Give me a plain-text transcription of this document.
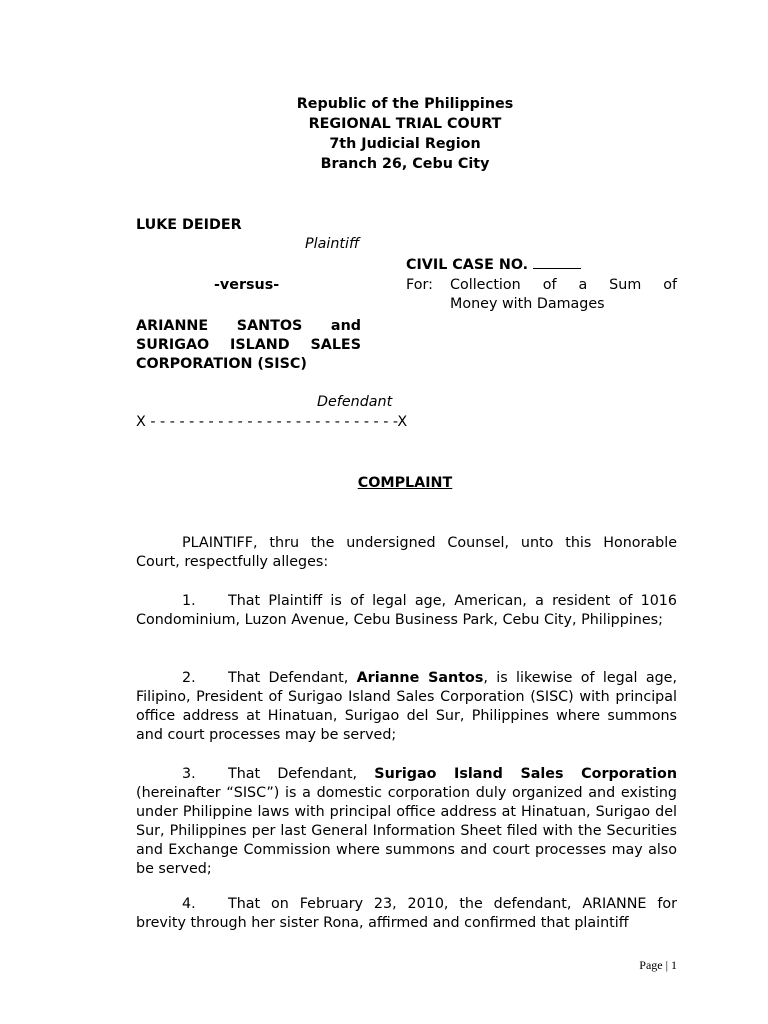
Republic of the Philippines
REGIONAL TRIAL COURT
7th Judicial Region
Branch 26, Cebu City
LUKE DEIDER
Plaintiff
-versus-
ARIANNE SANTOS and
SURIGAO ISLAND SALES
CORPORATION (SISC)
Defendant
X - - - - - - - - - - - - - - - - - - - - - - - - - -X
CIVIL CASE NO.
For: Collection of a Sum of
Money with Damages
COMPLAINT
PLAINTIFF, thru the undersigned Counsel, unto this Honorable
Court, respectfully alleges:
1. That Plaintiff is of legal age, American, a resident of 1016 Condominium, Luzon Avenue, Cebu Business Park, Cebu City, Philippines;
2. That Defendant, Arianne Santos, is likewise of legal age, Filipino, President of Surigao Island Sales Corporation (SISC) with principal office address at Hinatuan, Surigao del Sur, Philippines where summons and court processes may be served;
3. That Defendant, Surigao Island Sales Corporation (hereinafter “SISC”) is a domestic corporation duly organized and existing under Philippine laws with principal office address at Hinatuan, Surigao del Sur, Philippines per last General Information Sheet filed with the Securities and Exchange Commission where summons and court processes may also be served;
4. That on February 23, 2010, the defendant, ARIANNE for brevity through her sister Rona, affirmed and confirmed that plaintiff
Page | 1
